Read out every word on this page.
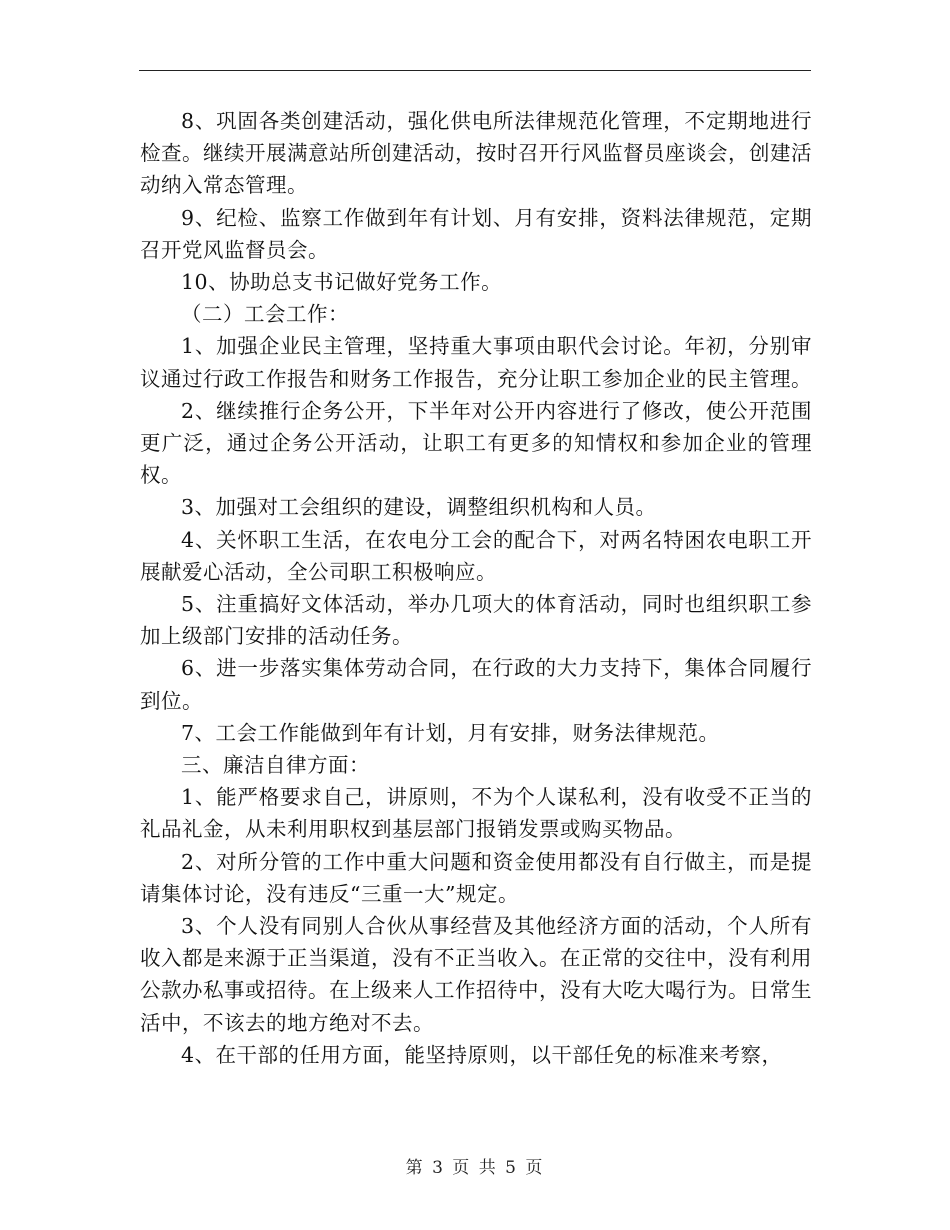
8、巩固各类创建活动，强化供电所法律规范化管理，不定期地进行检查。继续开展满意站所创建活动，按时召开行风监督员座谈会，创建活动纳入常态管理。

9、纪检、监察工作做到年有计划、月有安排，资料法律规范，定期召开党风监督员会。

10、协助总支书记做好党务工作。

（二）工会工作：

1、加强企业民主管理，坚持重大事项由职代会讨论。年初，分别审议通过行政工作报告和财务工作报告，充分让职工参加企业的民主管理。

2、继续推行企务公开，下半年对公开内容进行了修改，使公开范围更广泛，通过企务公开活动，让职工有更多的知情权和参加企业的管理权。

3、加强对工会组织的建设，调整组织机构和人员。

4、关怀职工生活，在农电分工会的配合下，对两名特困农电职工开展献爱心活动，全公司职工积极响应。

5、注重搞好文体活动，举办几项大的体育活动，同时也组织职工参加上级部门安排的活动任务。

6、进一步落实集体劳动合同，在行政的大力支持下，集体合同履行到位。

7、工会工作能做到年有计划，月有安排，财务法律规范。

三、廉洁自律方面：

1、能严格要求自己，讲原则，不为个人谋私利，没有收受不正当的礼品礼金，从未利用职权到基层部门报销发票或购买物品。

2、对所分管的工作中重大问题和资金使用都没有自行做主，而是提请集体讨论，没有违反“三重一大”规定。

3、个人没有同别人合伙从事经营及其他经济方面的活动，个人所有收入都是来源于正当渠道，没有不正当收入。在正常的交往中，没有利用公款办私事或招待。在上级来人工作招待中，没有大吃大喝行为。日常生活中，不该去的地方绝对不去。

4、在干部的任用方面，能坚持原则，以干部任免的标准来考察，

第 3 页 共 5 页
